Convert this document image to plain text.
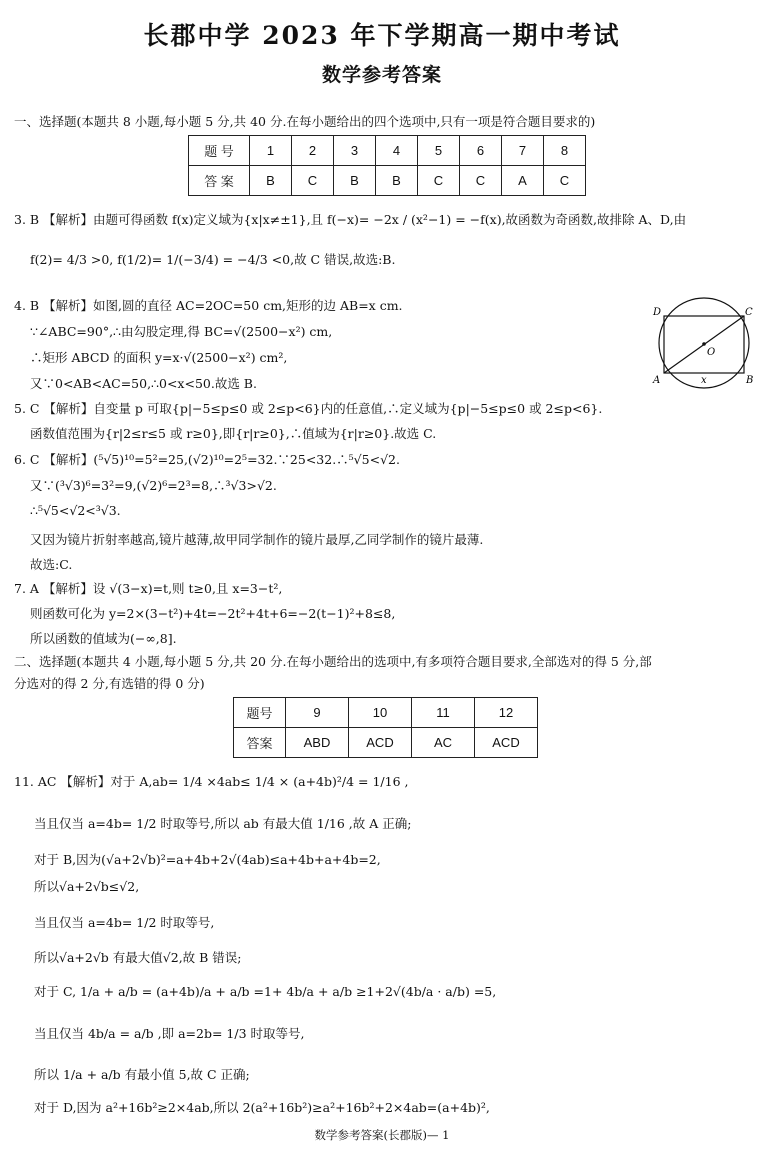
长郡中学 2023 年下学期高一期中考试
数学参考答案
一、选择题(本题共 8 小题,每小题 5 分,共 40 分.在每小题给出的四个选项中,只有一项是符合题目要求的)
题 号	1	2	3	4	5	6	7	8
答 案	B	C	B	B	C	C	A	C
3. B 【解析】由题可得函数 f(x)定义域为{x|x≠±1},且 f(−x)= −2x / (x²−1) = −f(x),故函数为奇函数,故排除 A、D,由
f(2)= 4/3 >0, f(1/2)= 1/(−3/4) = −4/3 <0,故 C 错误,故选:B.
4. B 【解析】如图,圆的直径 AC=2OC=50 cm,矩形的边 AB=x cm.
∵∠ABC=90°,∴由勾股定理,得 BC=√(2500−x²) cm,
∴矩形 ABCD 的面积 y=x·√(2500−x²) cm²,
又∵0<AB<AC=50,∴0<x<50.故选 B.
D	C
O
A	x	B
5. C 【解析】自变量 p 可取{p|−5≤p≤0 或 2≤p<6}内的任意值,∴定义域为{p|−5≤p≤0 或 2≤p<6}.
函数值范围为{r|2≤r≤5 或 r≥0},即{r|r≥0},∴值域为{r|r≥0}.故选 C.
6. C 【解析】(⁵√5)¹⁰=5²=25,(√2)¹⁰=2⁵=32.∵25<32.∴⁵√5<√2.
又∵(³√3)⁶=3²=9,(√2)⁶=2³=8,∴³√3>√2.
∴⁵√5<√2<³√3.
又因为镜片折射率越高,镜片越薄,故甲同学制作的镜片最厚,乙同学制作的镜片最薄.
故选:C.
7. A 【解析】设 √(3−x)=t,则 t≥0,且 x=3−t²,
则函数可化为 y=2×(3−t²)+4t=−2t²+4t+6=−2(t−1)²+8≤8,
所以函数的值域为(−∞,8].
二、选择题(本题共 4 小题,每小题 5 分,共 20 分.在每小题给出的选项中,有多项符合题目要求,全部选对的得 5 分,部
分选对的得 2 分,有选错的得 0 分)
题号	9	10	11	12
答案	ABD	ACD	AC	ACD
11. AC 【解析】对于 A,ab= 1/4 ×4ab≤ 1/4 × (a+4b)²/4 = 1/16 ,
当且仅当 a=4b= 1/2 时取等号,所以 ab 有最大值 1/16 ,故 A 正确;
对于 B,因为(√a+2√b)²=a+4b+2√(4ab)≤a+4b+a+4b=2,
所以√a+2√b≤√2,
当且仅当 a=4b= 1/2 时取等号,
所以√a+2√b 有最大值√2,故 B 错误;
对于 C, 1/a + a/b = (a+4b)/a + a/b =1+ 4b/a + a/b ≥1+2√(4b/a · a/b) =5,
当且仅当 4b/a = a/b ,即 a=2b= 1/3 时取等号,
所以 1/a + a/b 有最小值 5,故 C 正确;
对于 D,因为 a²+16b²≥2×4ab,所以 2(a²+16b²)≥a²+16b²+2×4ab=(a+4b)²,
数学参考答案(长郡版)— 1
